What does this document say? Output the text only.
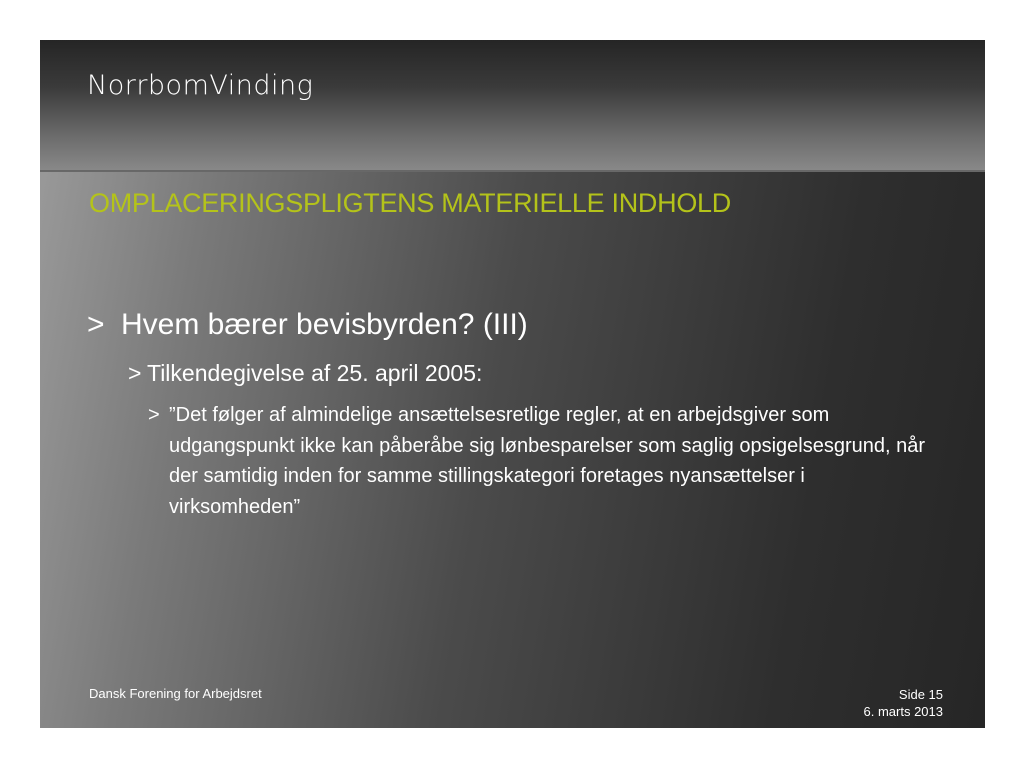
NorrbomVinding
OMPLACERINGSPLIGTENS MATERIELLE INDHOLD
> Hvem bærer bevisbyrden? (III)
> Tilkendegivelse af 25. april 2005:
> ”Det følger af almindelige ansættelsesretlige regler, at en arbejdsgiver som udgangspunkt ikke kan påberåbe sig lønbesparelser som saglig opsigelsesgrund, når der samtidig inden for samme stillingskategori foretages nyansættelser i virksomheden”
Dansk Forening for Arbejdsret	Side 15
6. marts 2013
